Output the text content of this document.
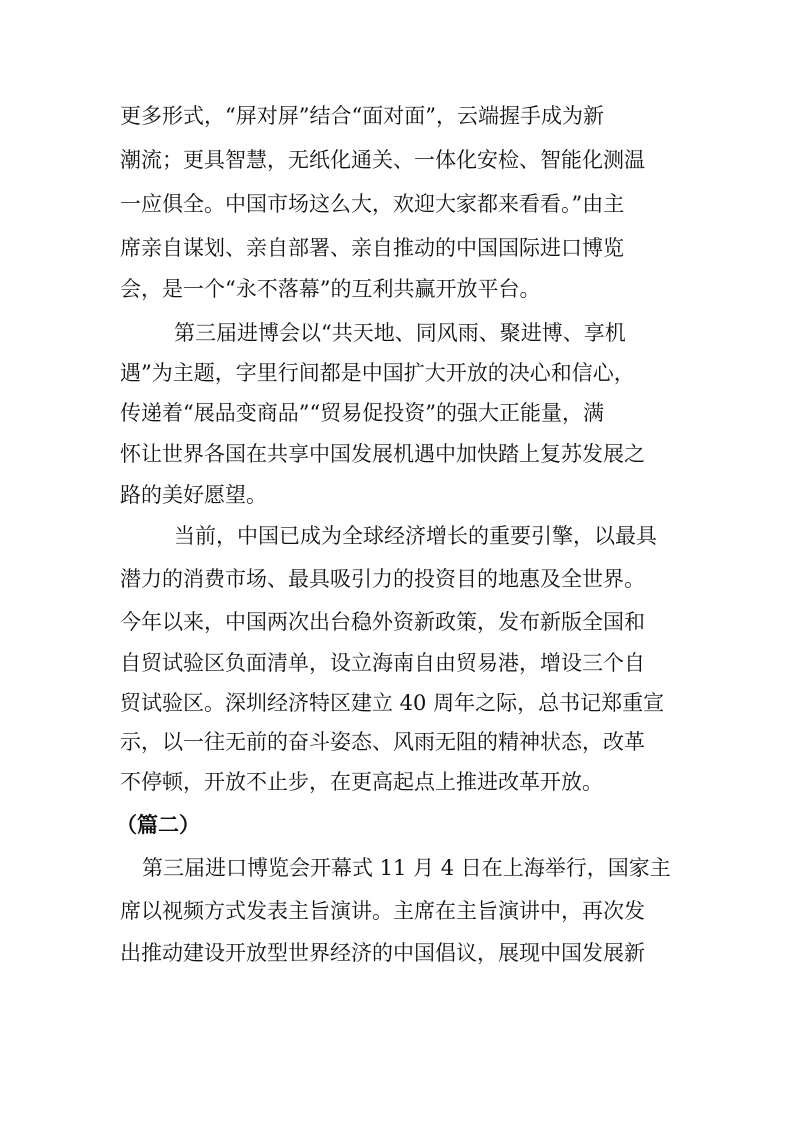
更多形式，“屏对屏”结合“面对面”，云端握手成为新
潮流；更具智慧，无纸化通关、一体化安检、智能化测温
一应俱全。中国市场这么大，欢迎大家都来看看。”由主
席亲自谋划、亲自部署、亲自推动的中国国际进口博览
会，是一个“永不落幕”的互利共赢开放平台。
第三届进博会以“共天地、同风雨、聚进博、享机
遇”为主题，字里行间都是中国扩大开放的决心和信心，
传递着“展品变商品”“贸易促投资”的强大正能量，满
怀让世界各国在共享中国发展机遇中加快踏上复苏发展之
路的美好愿望。
当前，中国已成为全球经济增长的重要引擎，以最具
潜力的消费市场、最具吸引力的投资目的地惠及全世界。
今年以来，中国两次出台稳外资新政策，发布新版全国和
自贸试验区负面清单，设立海南自由贸易港，增设三个自
贸试验区。深圳经济特区建立 40 周年之际，总书记郑重宣
示，以一往无前的奋斗姿态、风雨无阻的精神状态，改革
不停顿，开放不止步，在更高起点上推进改革开放。
（篇二）
第三届进口博览会开幕式 11 月 4 日在上海举行，国家主
席以视频方式发表主旨演讲。主席在主旨演讲中，再次发
出推动建设开放型世界经济的中国倡议，展现中国发展新
